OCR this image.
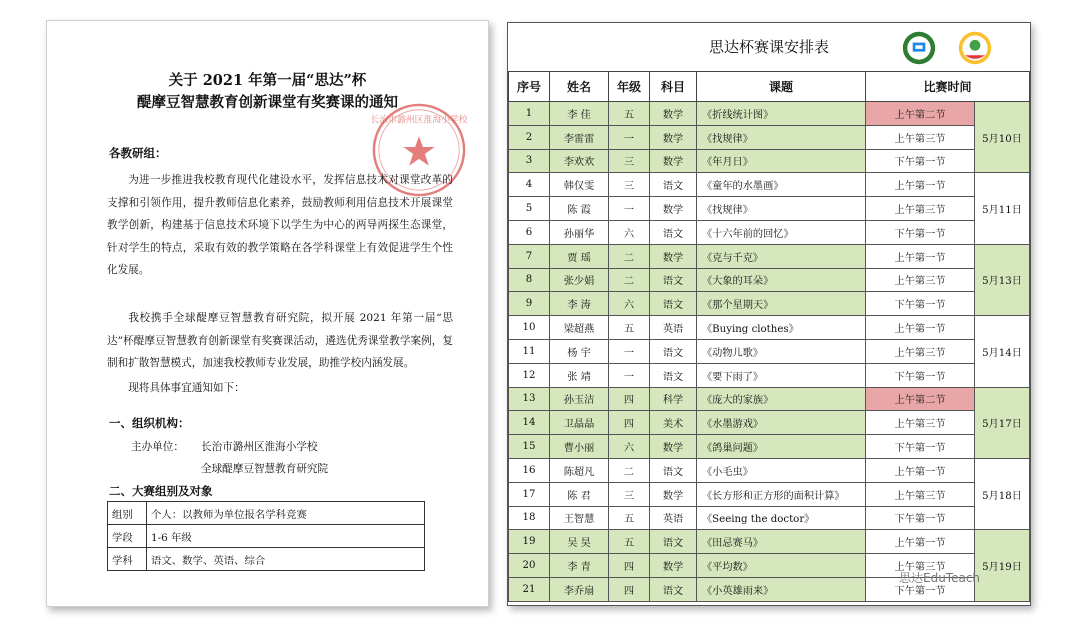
关于 2021 年第一届“思达”杯
醍摩豆智慧教育创新课堂有奖赛课的通知
长治市潞州区淮海小学校
各教研组：
为进一步推进我校教育现代化建设水平，发挥信息技术对课堂改革的支撑和引领作用，提升教师信息化素养，鼓励教师利用信息技术开展课堂教学创新，构建基于信息技术环境下以学生为中心的两导两探生态课堂，针对学生的特点，采取有效的教学策略在各学科课堂上有效促进学生个性化发展。
我校携手全球醍摩豆智慧教育研究院，拟开展 2021 年第一届“思达”杯醍摩豆智慧教育创新课堂有奖赛课活动，遴选优秀课堂教学案例，复制和扩散智慧模式，加速我校教师专业发展，助推学校内涵发展。
现将具体事宜通知如下：
一、组织机构：
主办单位： 长治市潞州区淮海小学校
全球醍摩豆智慧教育研究院
二、大赛组别及对象
组别	个人：以教师为单位报名学科竞赛
学段	1-6 年级
学科	语文、数学、英语、综合
思达杯赛课安排表
序号	姓名	年级	科目	课题	比赛时间	
1	李 佳	五	数学	《折线统计图》	上午第二节	5月10日
2	李雷雷	一	数学	《找规律》	上午第三节	
3	李欢欢	三	数学	《年月日》	下午第一节	
4	韩仅雯	三	语文	《童年的水墨画》	上午第一节	5月11日
5	陈 霞	一	数学	《找规律》	上午第三节	
6	孙丽华	六	语文	《十六年前的回忆》	下午第一节	
7	贾 瑶	二	数学	《克与千克》	上午第一节	5月13日
8	张少娟	二	语文	《大象的耳朵》	上午第三节	
9	李 涛	六	语文	《那个星期天》	下午第一节	
10	梁超燕	五	英语	《Buying clothes》	上午第一节	5月14日
11	杨 宇	一	语文	《动物儿歌》	上午第三节	
12	张 靖	一	语文	《要下雨了》	下午第一节	
13	孙玉洁	四	科学	《庞大的家族》	上午第二节	5月17日
14	卫晶晶	四	美术	《水墨游戏》	上午第三节	
15	曹小丽	六	数学	《鸽巢问题》	下午第一节	
16	陈超凡	二	语文	《小毛虫》	上午第一节	5月18日
17	陈 君	三	数学	《长方形和正方形的面积计算》	上午第三节	
18	王智慧	五	英语	《Seeing the doctor》	下午第一节	
19	吴 昊	五	语文	《田忌赛马》	上午第一节	5月19日
20	李 青	四	数学	《平均数》	上午第三节	
21	李乔扇	四	语文	《小英雄雨来》	下午第一节	
思达EduTeach
